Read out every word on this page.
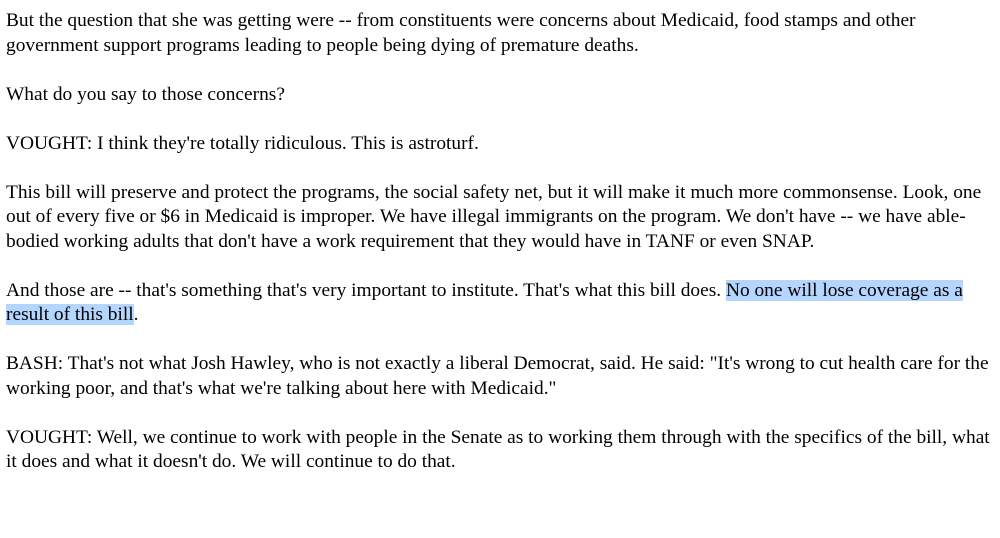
But the question that she was getting were -- from constituents were concerns about Medicaid, food stamps and other government support programs leading to people being dying of premature deaths.

What do you say to those concerns?

VOUGHT: I think they're totally ridiculous. This is astroturf.

This bill will preserve and protect the programs, the social safety net, but it will make it much more commonsense. Look, one out of every five or $6 in Medicaid is improper. We have illegal immigrants on the program. We don't have -- we have able-bodied working adults that don't have a work requirement that they would have in TANF or even SNAP.

And those are -- that's something that's very important to institute. That's what this bill does. No one will lose coverage as a result of this bill.

BASH: That's not what Josh Hawley, who is not exactly a liberal Democrat, said. He said: "It's wrong to cut health care for the working poor, and that's what we're talking about here with Medicaid."

VOUGHT: Well, we continue to work with people in the Senate as to working them through with the specifics of the bill, what it does and what it doesn't do. We will continue to do that.
